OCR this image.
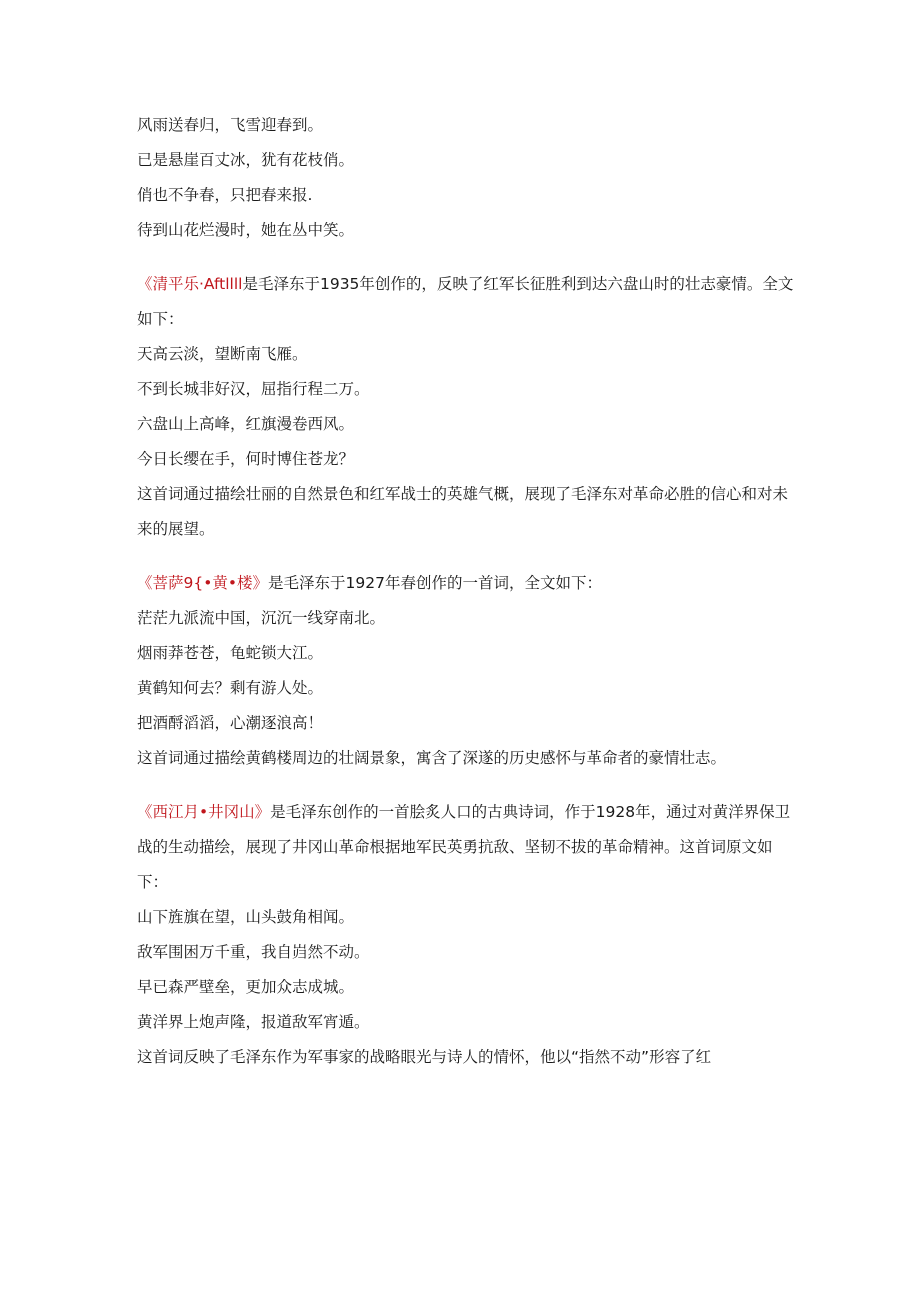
风雨送春归，飞雪迎春到。
已是悬崖百丈冰，犹有花枝俏。
俏也不争春，只把春来报.
待到山花烂漫时，她在丛中笑。
《清平乐·Aftllll是毛泽东于1935年创作的，反映了红军长征胜利到达六盘山时的壮志豪情。全文如下：
天高云淡，望断南飞雁。
不到长城非好汉，屈指行程二万。
六盘山上高峰，红旗漫卷西风。
今日长缨在手，何时博住苍龙？
这首词通过描绘壮丽的自然景色和红军战士的英雄气概，展现了毛泽东对革命必胜的信心和对未来的展望。
《菩萨9{•黄•楼》是毛泽东于1927年春创作的一首词，全文如下：
茫茫九派流中国，沉沉一线穿南北。
烟雨莽苍苍，龟蛇锁大江。
黄鹤知何去？剩有游人处。
把酒酹滔滔，心潮逐浪高！
这首词通过描绘黄鹤楼周边的壮阔景象，寓含了深遂的历史感怀与革命者的豪情壮志。
《西江月•井冈山》是毛泽东创作的一首脍炙人口的古典诗词，作于1928年，通过对黄洋界保卫战的生动描绘，展现了井冈山革命根据地军民英勇抗敌、坚韧不拔的革命精神。这首词原文如下：
山下旌旗在望，山头鼓角相闻。
敌军围困万千重，我自岿然不动。
早已森严壁垒，更加众志成城。
黄洋界上炮声隆，报道敌军宵遁。
这首词反映了毛泽东作为军事家的战略眼光与诗人的情怀，他以“指然不动”形容了红
